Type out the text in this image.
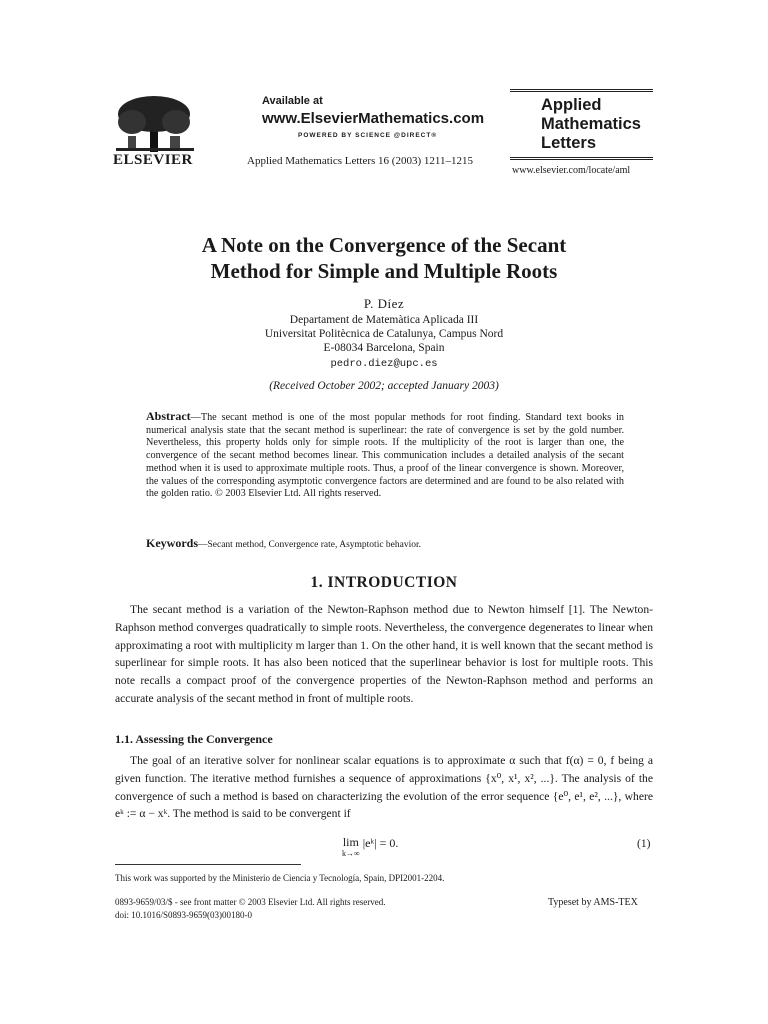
ELSEVIER
Available at
www.ElsevierMathematics.com
POWERED BY SCIENCE @DIRECT®
Applied Mathematics Letters 16 (2003) 1211–1215
Applied
Mathematics
Letters
www.elsevier.com/locate/aml
A Note on the Convergence of the Secant
Method for Simple and Multiple Roots
P. Díez
Departament de Matemàtica Aplicada III
Universitat Politècnica de Catalunya, Campus Nord
E-08034 Barcelona, Spain
pedro.diez@upc.es
(Received October 2002; accepted January 2003)
Abstract—The secant method is one of the most popular methods for root finding. Standard text books in numerical analysis state that the secant method is superlinear: the rate of convergence is set by the gold number. Nevertheless, this property holds only for simple roots. If the multiplicity of the root is larger than one, the convergence of the secant method becomes linear. This communication includes a detailed analysis of the secant method when it is used to approximate multiple roots. Thus, a proof of the linear convergence is shown. Moreover, the values of the corresponding asymptotic convergence factors are determined and are found to be also related with the golden ratio. © 2003 Elsevier Ltd. All rights reserved.
Keywords—Secant method, Convergence rate, Asymptotic behavior.
1. INTRODUCTION

The secant method is a variation of the Newton-Raphson method due to Newton himself [1]. The Newton-Raphson method converges quadratically to simple roots. Nevertheless, the convergence degenerates to linear when approximating a root with multiplicity m larger than 1. On the other hand, it is well known that the secant method is superlinear for simple roots. It has also been noticed that the superlinear behavior is lost for multiple roots. This note recalls a compact proof of the convergence properties of the Newton-Raphson method and performs an accurate analysis of the secant method in front of multiple roots.

1.1. Assessing the Convergence

The goal of an iterative solver for nonlinear scalar equations is to approximate α such that f(α) = 0, f being a given function. The iterative method furnishes a sequence of approximations {x⁰, x¹, x², ...}. The analysis of the convergence of such a method is based on characterizing the evolution of the error sequence {e⁰, e¹, e², ...}, where eᵏ := α − xᵏ. The method is said to be convergent if

lim
k→∞
|eᵏ| = 0.	(1)
This work was supported by the Ministerio de Ciencia y Tecnología, Spain, DPI2001-2204.
0893-9659/03/$ - see front matter © 2003 Elsevier Ltd. All rights reserved.
doi: 10.1016/S0893-9659(03)00180-0
Typeset by AMS-TEX
